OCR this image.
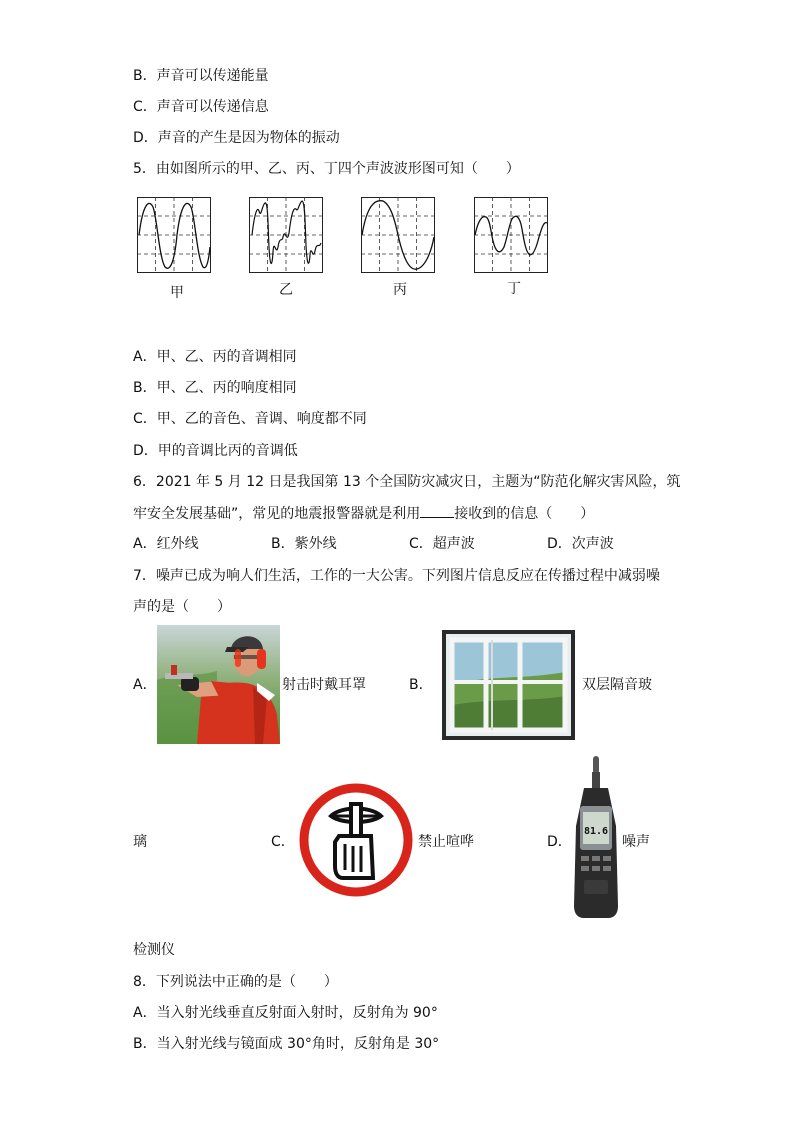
B．声音可以传递能量
C．声音可以传递信息
D．声音的产生是因为物体的振动
5．由如图所示的甲、乙、丙、丁四个声波波形图可知（　　）
甲	乙	丙	丁
A．甲、乙、丙的音调相同
B．甲、乙、丙的响度相同
C．甲、乙的音色、音调、响度都不同
D．甲的音调比丙的音调低
6．2021 年 5 月 12 日是我国第 13 个全国防灾减灾日，主题为“防范化解灾害风险，筑
牢安全发展基础”，常见的地震报警器就是利用 接收到的信息（　　）
A．红外线	B．紫外线	C．超声波	D．次声波
7．噪声已成为响人们生活，工作的一大公害。下列图片信息反应在传播过程中减弱噪
声的是（　　）
A．	射击时戴耳罩	B．	双层隔音玻
璃	C．	禁止喧哗	D．
81.6
噪声
检测仪
8．下列说法中正确的是（　　）
A．当入射光线垂直反射面入射时，反射角为 90°
B．当入射光线与镜面成 30°角时，反射角是 30°
